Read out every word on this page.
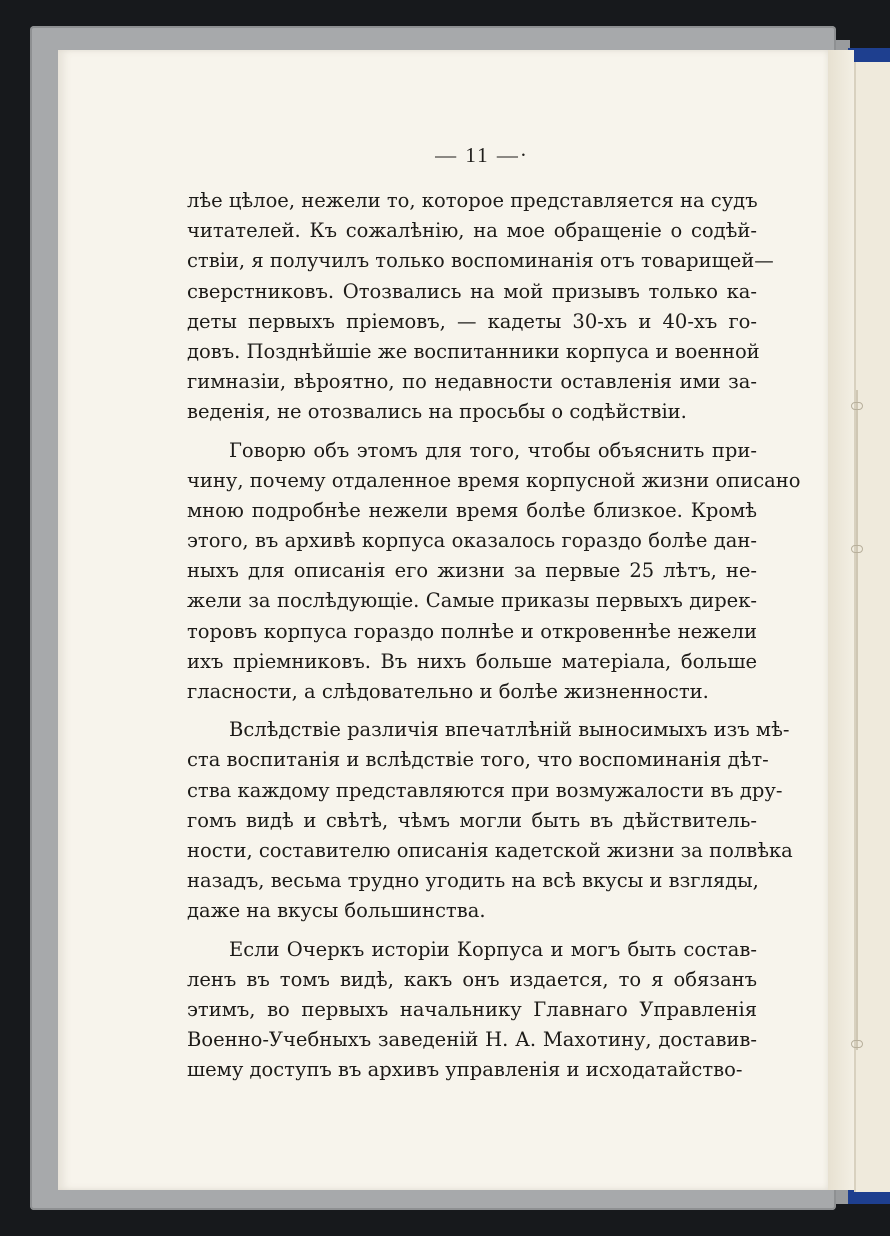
— 11 —·
лѣе цѣлое, нежели то, которое представляется на судъ
читателей. Къ сожалѣнію, на мое обращеніе о содѣй-
ствіи, я получилъ только воспоминанія отъ товарищей—
сверстниковъ. Отозвались на мой призывъ только ка-
деты первыхъ пріемовъ, — кадеты 30-хъ и 40-хъ го-
довъ. Позднѣйшіе же воспитанники корпуса и военной
гимназіи, вѣроятно, по недавности оставленія ими за-
веденія, не отозвались на просьбы о содѣйствіи.
Говорю объ этомъ для того, чтобы объяснить при-
чину, почему отдаленное время корпусной жизни описано
мною подробнѣе нежели время болѣе близкое. Кромѣ
этого, въ архивѣ корпуса оказалось гораздо болѣе дан-
ныхъ для описанія его жизни за первые 25 лѣтъ, не-
жели за послѣдующіе. Самые приказы первыхъ дирек-
торовъ корпуса гораздо полнѣе и откровеннѣе нежели
ихъ пріемниковъ. Въ нихъ больше матеріала, больше
гласности, а слѣдовательно и болѣе жизненности.
Вслѣдствіе различія впечатлѣній выносимыхъ изъ мѣ-
ста воспитанія и вслѣдствіе того, что воспоминанія дѣт-
ства каждому представляются при возмужалости въ дру-
гомъ видѣ и свѣтѣ, чѣмъ могли быть въ дѣйствитель-
ности, составителю описанія кадетской жизни за полвѣка
назадъ, весьма трудно угодить на всѣ вкусы и взгляды,
даже на вкусы большинства.
Если Очеркъ исторіи Корпуса и могъ быть состав-
ленъ въ томъ видѣ, какъ онъ издается, то я обязанъ
этимъ, во первыхъ начальнику Главнаго Управленія
Военно-Учебныхъ заведеній Н. А. Махотину, доставив-
шему доступъ въ архивъ управленія и исходатайство-
